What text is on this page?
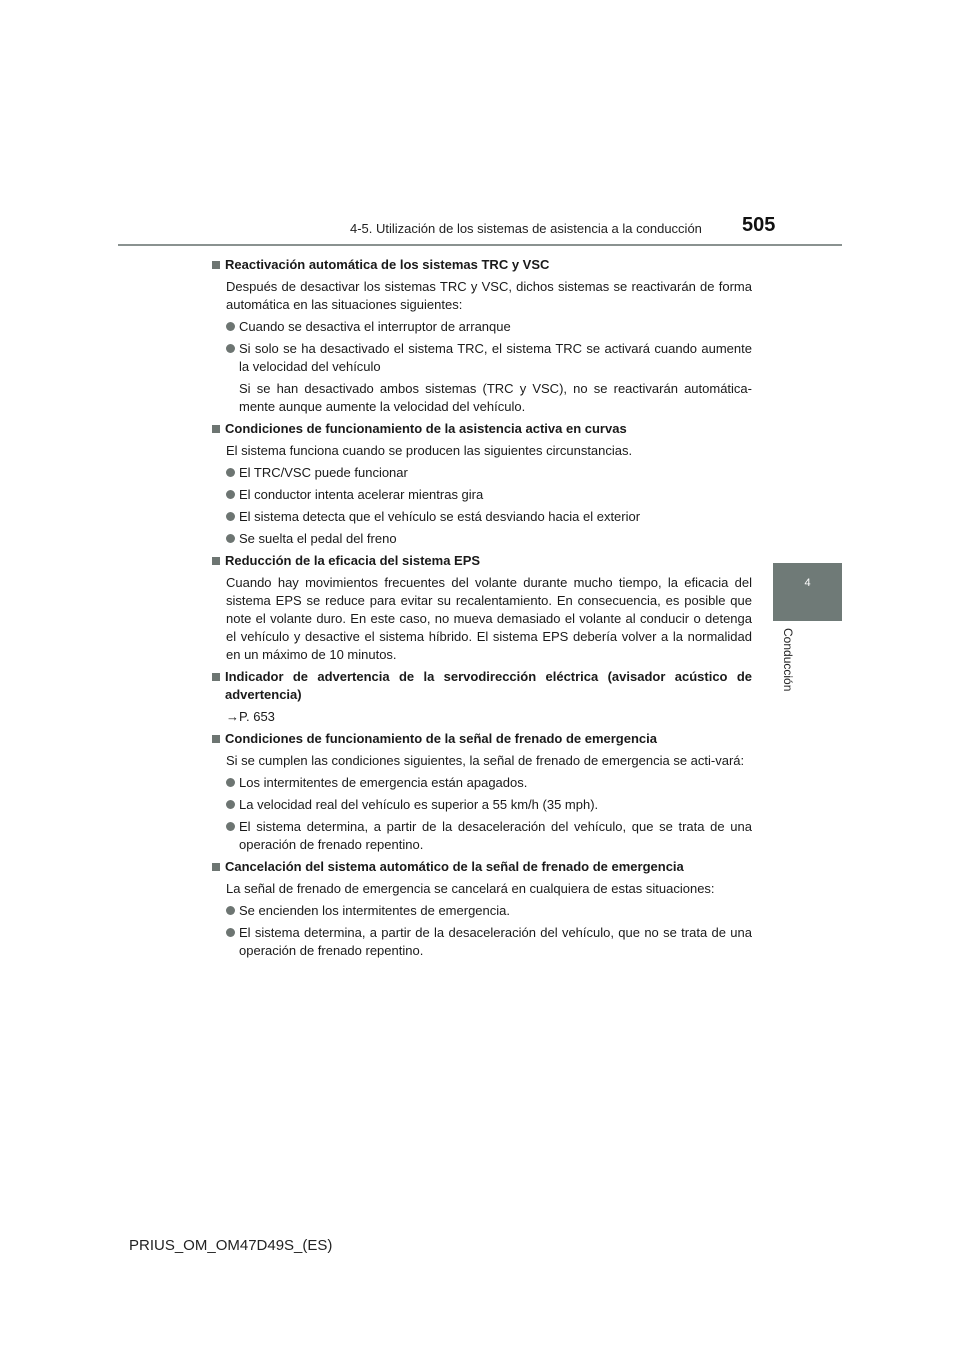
4-5. Utilización de los sistemas de asistencia a la conducción 505
4
Conducción
Reactivación automática de los sistemas TRC y VSC
Después de desactivar los sistemas TRC y VSC, dichos sistemas se reactivarán de forma automática en las situaciones siguientes:
Cuando se desactiva el interruptor de arranque
Si solo se ha desactivado el sistema TRC, el sistema TRC se activará cuando aumente la velocidad del vehículo
Si se han desactivado ambos sistemas (TRC y VSC), no se reactivarán automática-mente aunque aumente la velocidad del vehículo.
Condiciones de funcionamiento de la asistencia activa en curvas
El sistema funciona cuando se producen las siguientes circunstancias.
El TRC/VSC puede funcionar
El conductor intenta acelerar mientras gira
El sistema detecta que el vehículo se está desviando hacia el exterior
Se suelta el pedal del freno
Reducción de la eficacia del sistema EPS
Cuando hay movimientos frecuentes del volante durante mucho tiempo, la eficacia del sistema EPS se reduce para evitar su recalentamiento. En consecuencia, es posible que note el volante duro. En este caso, no mueva demasiado el volante al conducir o detenga el vehículo y desactive el sistema híbrido. El sistema EPS debería volver a la normalidad en un máximo de 10 minutos.
Indicador de advertencia de la servodirección eléctrica (avisador acústico de advertencia)
→P. 653
Condiciones de funcionamiento de la señal de frenado de emergencia
Si se cumplen las condiciones siguientes, la señal de frenado de emergencia se acti-vará:
Los intermitentes de emergencia están apagados.
La velocidad real del vehículo es superior a 55 km/h (35 mph).
El sistema determina, a partir de la desaceleración del vehículo, que se trata de una operación de frenado repentino.
Cancelación del sistema automático de la señal de frenado de emergencia
La señal de frenado de emergencia se cancelará en cualquiera de estas situaciones:
Se encienden los intermitentes de emergencia.
El sistema determina, a partir de la desaceleración del vehículo, que no se trata de una operación de frenado repentino.
PRIUS_OM_OM47D49S_(ES)
